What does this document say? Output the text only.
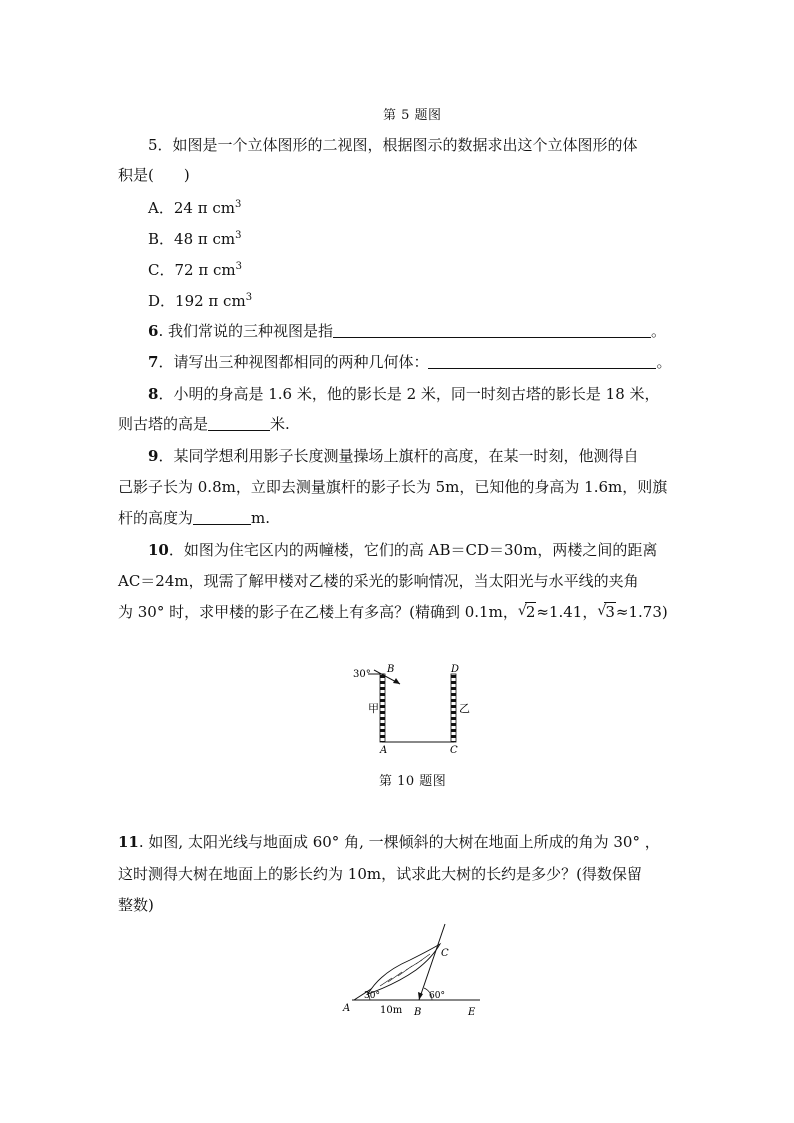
第 5 题图
5．如图是一个立体图形的二视图，根据图示的数据求出这个立体图形的体
积是(　　)
A．24 π $cm^3$
B．48 π $cm^3$
C．72 π $cm^3$
D．192 π $cm^3$
6. 我们常说的三种视图是指	。
7．请写出三种视图都相同的两种几何体：	。
8．小明的身高是 1.6 米，他的影长是 2 米，同一时刻古塔的影长是 18 米，
则古塔的高是	米.
9．某同学想利用影子长度测量操场上旗杆的高度，在某一时刻，他测得自
己影子长为 0.8m，立即去测量旗杆的影子长为 5m，已知他的身高为 1.6m，则旗
杆的高度为	m.
10．如图为住宅区内的两幢楼，它们的高 AB＝CD＝30m，两楼之间的距离
AC＝24m，现需了解甲楼对乙楼的采光的影响情况，当太阳光与水平线的夹角
为 30° 时，求甲楼的影子在乙楼上有多高？(精确到 0.1m， √ 2≈1.41， √ 3≈1.73)
30° B	D
甲	乙
A	C
第 10 题图
11. 如图, 太阳光线与地面成 60° 角, 一棵倾斜的大树在地面上所成的角为 30° ，
这时测得大树在地面上的影长约为 10m，试求此大树的长约是多少？(得数保留
整数)
A	B
C
E
30°	60°
10m
